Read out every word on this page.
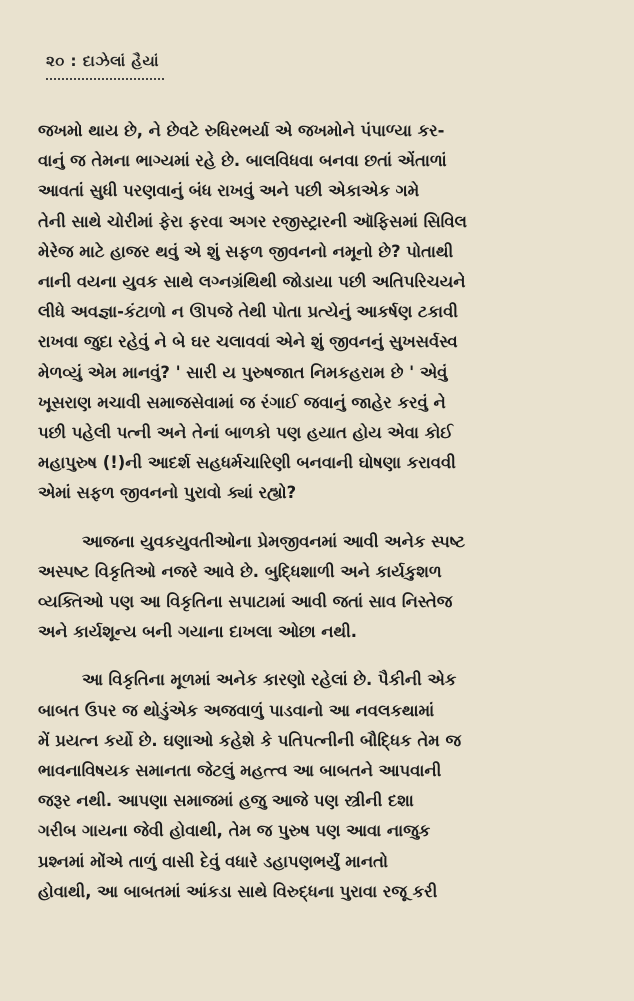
૨૦ : દાઝેલાં હૈયાં

જખમો થાય છે, ને છેવટે રુધિરભર્યા એ જખમોને પંપાળ્યા કર-
વાનું જ તેમના ભાગ્યમાં રહે છે. બાલવિધવા બનવા છતાં એંતાળાં
આવતાં સુધી પરણવાનું બંધ રાખવું અને પછી એકાએક ગમે
તેની સાથે ચોરીમાં ફેરા ફરવા અગર રજીસ્ટ્રારની ઑફિસમાં સિવિલ
મેરેજ માટે હાજર થવું એ શું સફળ જીવનનો નમૂનો છે? પોતાથી
નાની વયના યુવક સાથે લગ્નગ્રંથિથી જોડાયા પછી અતિપરિચયને
લીધે અવજ્ઞા-કંટાળો ન ઊપજે તેથી પોતા પ્રત્યેનું આકર્ષણ ટકાવી
રાખવા જુદા રહેવું ને બે ઘર ચલાવવાં એને શું જીવનનું સુખસર્વસ્વ
મેળવ્યું એમ માનવું? ' સારી ય પુરુષજાત નિમકહરામ છે ' એવું
ખૂસરાણ મચાવી સમાજસેવામાં જ રંગાઈ જવાનું જાહેર કરવું ને
પછી પહેલી પત્ની અને તેનાં બાળકો પણ હયાત હોય એવા કોઈ
મહાપુરુષ (!)ની આદર્શ સહધર્મચારિણી બનવાની ઘોષણા કરાવવી
એમાં સફળ જીવનનો પુરાવો ક્યાં રહ્યો?

આજના યુવકયુવતીઓના પ્રેમજીવનમાં આવી અનેક સ્પષ્ટ
અસ્પષ્ટ વિકૃતિઓ નજરે આવે છે. બુદ્ધિશાળી અને કાર્યકુશળ
વ્યક્તિઓ પણ આ વિકૃતિના સપાટામાં આવી જતાં સાવ નિસ્તેજ
અને કાર્યશૂન્ય બની ગયાના દાખલા ઓછા નથી.

આ વિકૃતિના મૂળમાં અનેક કારણો રહેલાં છે. પૈકીની એક
બાબત ઉપર જ થોડુંએક અજવાળું પાડવાનો આ નવલકથામાં
મેં પ્રયત્ન કર્યો છે. ઘણાઓ કહેશે કે પતિપત્નીની બૌદ્ધિક તેમ જ
ભાવનાવિષયક સમાનતા જેટલું મહત્ત્વ આ બાબતને આપવાની
જરૂર નથી. આપણા સમાજમાં હજુ આજે પણ સ્ત્રીની દશા
ગરીબ ગાયના જેવી હોવાથી, તેમ જ પુરુષ પણ આવા નાજુક
પ્રશ્નમાં મોંએ તાળું વાસી દેવું વધારે ડહાપણભર્યું માનતો
હોવાથી, આ બાબતમાં આંકડા સાથે વિરુદ્ધના પુરાવા રજૂ કરી
